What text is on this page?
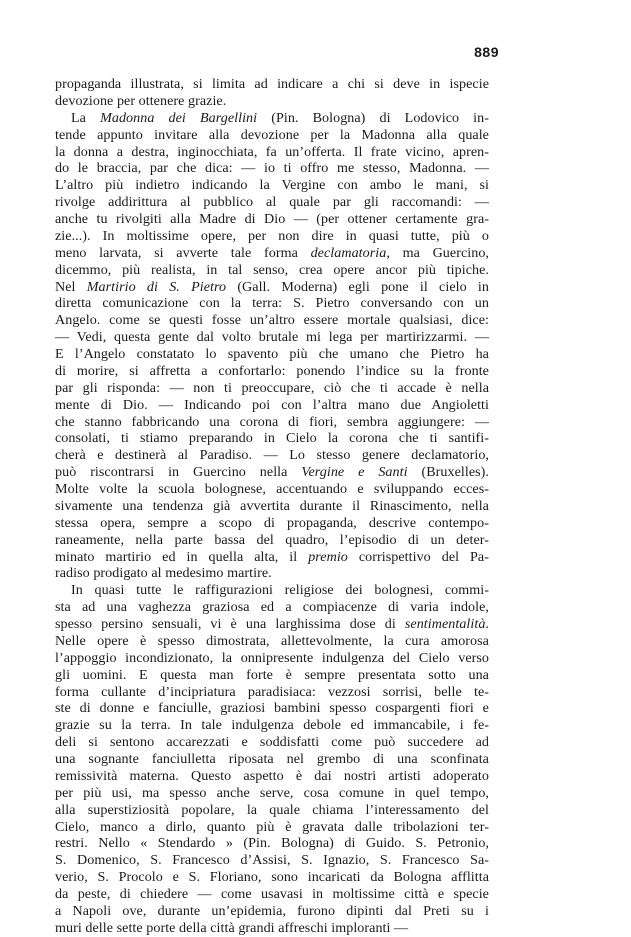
889
propaganda illustrata, si limita ad indicare a chi si deve in ispecie
devozione per ottenere grazie.
La Madonna dei Bargellini (Pin. Bologna) di Lodovico in-
tende appunto invitare alla devozione per la Madonna alla quale
la donna a destra, inginocchiata, fa un’offerta. Il frate vicino, apren-
do le braccia, par che dica: — io ti offro me stesso, Madonna. —
L’altro più indietro indicando la Vergine con ambo le mani, si
rivolge addirittura al pubblico al quale par gli raccomandi: —
anche tu rivolgiti alla Madre di Dio — (per ottener certamente gra-
zie...). In moltissime opere, per non dire in quasi tutte, più o
meno larvata, si avverte tale forma declamatoria, ma Guercino,
dicemmo, più realista, in tal senso, crea opere ancor più tipiche.
Nel Martirio di S. Pietro (Gall. Moderna) egli pone il cielo in
diretta comunicazione con la terra: S. Pietro conversando con un
Angelo. come se questi fosse un’altro essere mortale qualsiasi, dice:
— Vedi, questa gente dal volto brutale mi lega per martirizzarmi. —
E l’Angelo constatato lo spavento più che umano che Pietro ha
di morire, si affretta a confortarlo: ponendo l’indice su la fronte
par gli risponda: — non ti preoccupare, ciò che ti accade è nella
mente di Dio. — Indicando poi con l’altra mano due Angioletti
che stanno fabbricando una corona di fiori, sembra aggiungere: —
consolati, ti stiamo preparando in Cielo la corona che ti santifi-
cherà e destinerà al Paradiso. — Lo stesso genere declamatorio,
può riscontrarsi in Guercino nella Vergine e Santi (Bruxelles).
Molte volte la scuola bolognese, accentuando e sviluppando ecces-
sivamente una tendenza già avvertita durante il Rinascimento, nella
stessa opera, sempre a scopo di propaganda, descrive contempo-
raneamente, nella parte bassa del quadro, l’episodio di un deter-
minato martirio ed in quella alta, il premio corrispettivo del Pa-
radiso prodigato al medesimo martire.
In quasi tutte le raffigurazioni religiose dei bolognesi, commi-
sta ad una vaghezza graziosa ed a compiacenze di varia indole,
spesso persino sensuali, vi è una larghissima dose di sentimentalità.
Nelle opere è spesso dimostrata, allettevolmente, la cura amorosa
l’appoggio incondizionato, la onnipresente indulgenza del Cielo verso
gli uomini. E questa man forte è sempre presentata sotto una
forma cullante d’incipriatura paradisiaca: vezzosi sorrisi, belle te-
ste di donne e fanciulle, graziosi bambini spesso cospargenti fiori e
grazie su la terra. In tale indulgenza debole ed immancabile, i fe-
deli si sentono accarezzati e soddisfatti come può succedere ad
una sognante fanciulletta riposata nel grembo di una sconfinata
remissività materna. Questo aspetto è dai nostri artisti adoperato
per più usi, ma spesso anche serve, cosa comune in quel tempo,
alla superstiziosità popolare, la quale chiama l’interessamento del
Cielo, manco a dirlo, quanto più è gravata dalle tribolazioni ter-
restri. Nello « Stendardo » (Pin. Bologna) di Guido. S. Petronio,
S. Domenico, S. Francesco d’Assisi, S. Ignazio, S. Francesco Sa-
verio, S. Procolo e S. Floriano, sono incaricati da Bologna afflitta
da peste, di chiedere — come usavasi in moltissime città e specie
a Napoli ove, durante un’epidemia, furono dipinti dal Preti su i
muri delle sette porte della città grandi affreschi imploranti —
